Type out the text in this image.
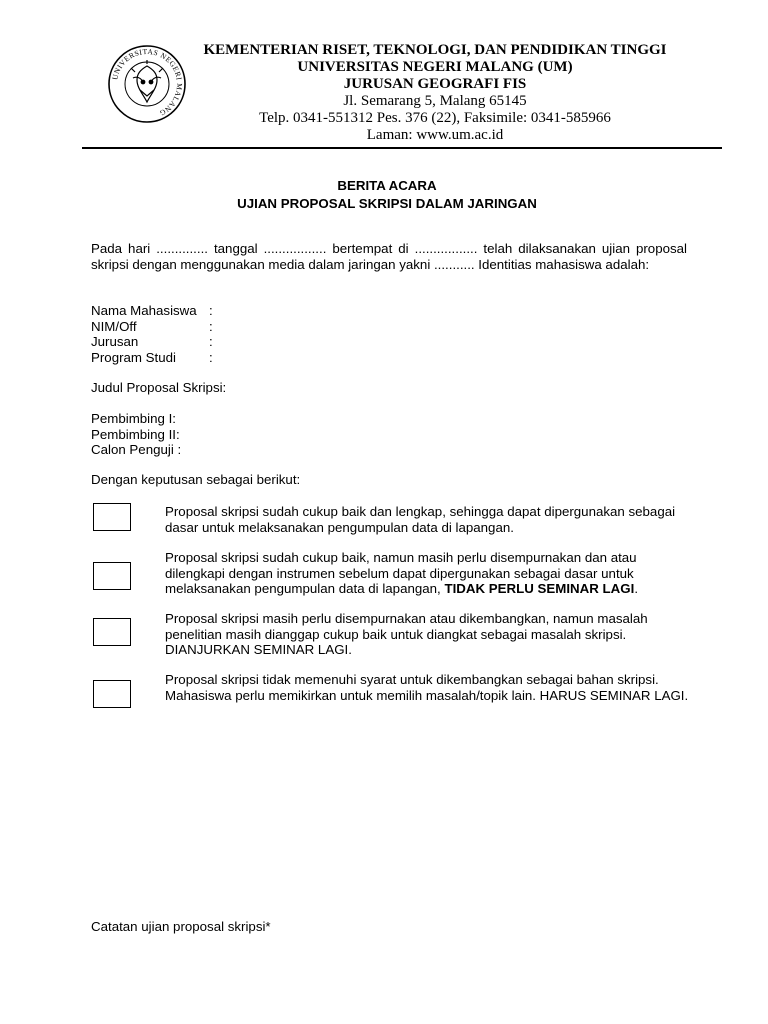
UNIVERSITAS NEGERI MALANG
KEMENTERIAN RISET, TEKNOLOGI, DAN PENDIDIKAN TINGGI
UNIVERSITAS NEGERI MALANG (UM)
JURUSAN GEOGRAFI FIS
Jl. Semarang 5, Malang 65145
Telp. 0341-551312 Pes. 376 (22), Faksimile: 0341-585966
Laman: www.um.ac.id
BERITA ACARA
UJIAN PROPOSAL SKRIPSI DALAM JARINGAN
Pada hari .............. tanggal ................. bertempat di ................. telah dilaksanakan ujian proposal skripsi dengan menggunakan media dalam jaringan yakni ........... Identitias mahasiswa adalah:
Nama Mahasiswa :
NIM/Off	:
Jurusan	:
Program Studi :
Judul Proposal Skripsi:
Pembimbing I:
Pembimbing II:
Calon Penguji :
Dengan keputusan sebagai berikut:
Proposal skripsi sudah cukup baik dan lengkap, sehingga dapat dipergunakan sebagai dasar untuk melaksanakan pengumpulan data di lapangan.
Proposal skripsi sudah cukup baik, namun masih perlu disempurnakan dan atau dilengkapi dengan instrumen sebelum dapat dipergunakan sebagai dasar untuk melaksanakan pengumpulan data di lapangan, TIDAK PERLU SEMINAR LAGI.
Proposal skripsi masih perlu disempurnakan atau dikembangkan, namun masalah penelitian masih dianggap cukup baik untuk diangkat sebagai masalah skripsi. DIANJURKAN SEMINAR LAGI.
Proposal skripsi tidak memenuhi syarat untuk dikembangkan sebagai bahan skripsi. Mahasiswa perlu memikirkan untuk memilih masalah/topik lain. HARUS SEMINAR LAGI.
Catatan ujian proposal skripsi*
